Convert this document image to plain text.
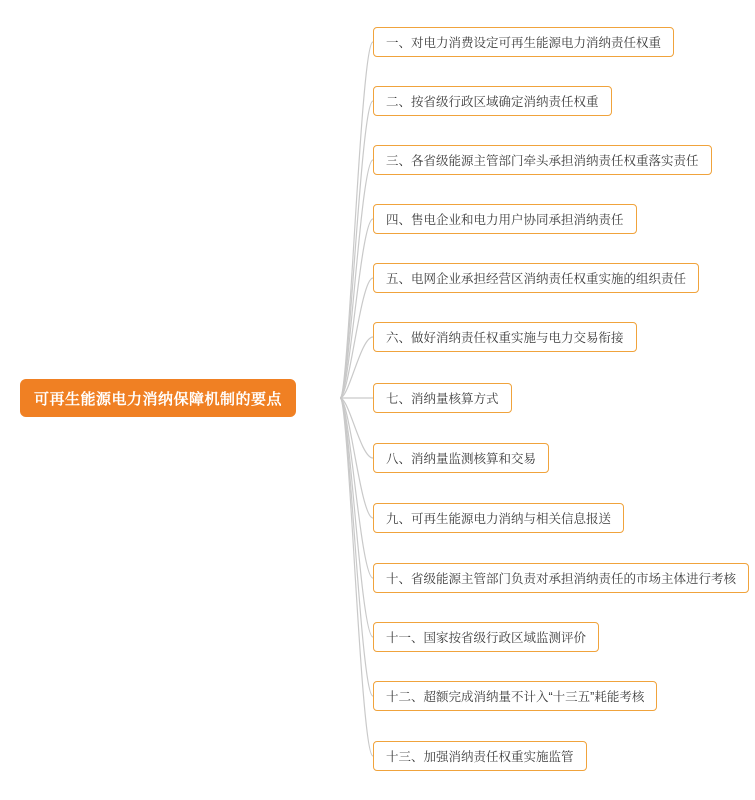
可再生能源电力消纳保障机制的要点
一、对电力消费设定可再生能源电力消纳责任权重
二、按省级行政区域确定消纳责任权重
三、各省级能源主管部门牵头承担消纳责任权重落实责任
四、售电企业和电力用户协同承担消纳责任
五、电网企业承担经营区消纳责任权重实施的组织责任
六、做好消纳责任权重实施与电力交易衔接
七、消纳量核算方式
八、消纳量监测核算和交易
九、可再生能源电力消纳与相关信息报送
十、省级能源主管部门负责对承担消纳责任的市场主体进行考核
十一、国家按省级行政区域监测评价
十二、超额完成消纳量不计入“十三五”耗能考核
十三、加强消纳责任权重实施监管
